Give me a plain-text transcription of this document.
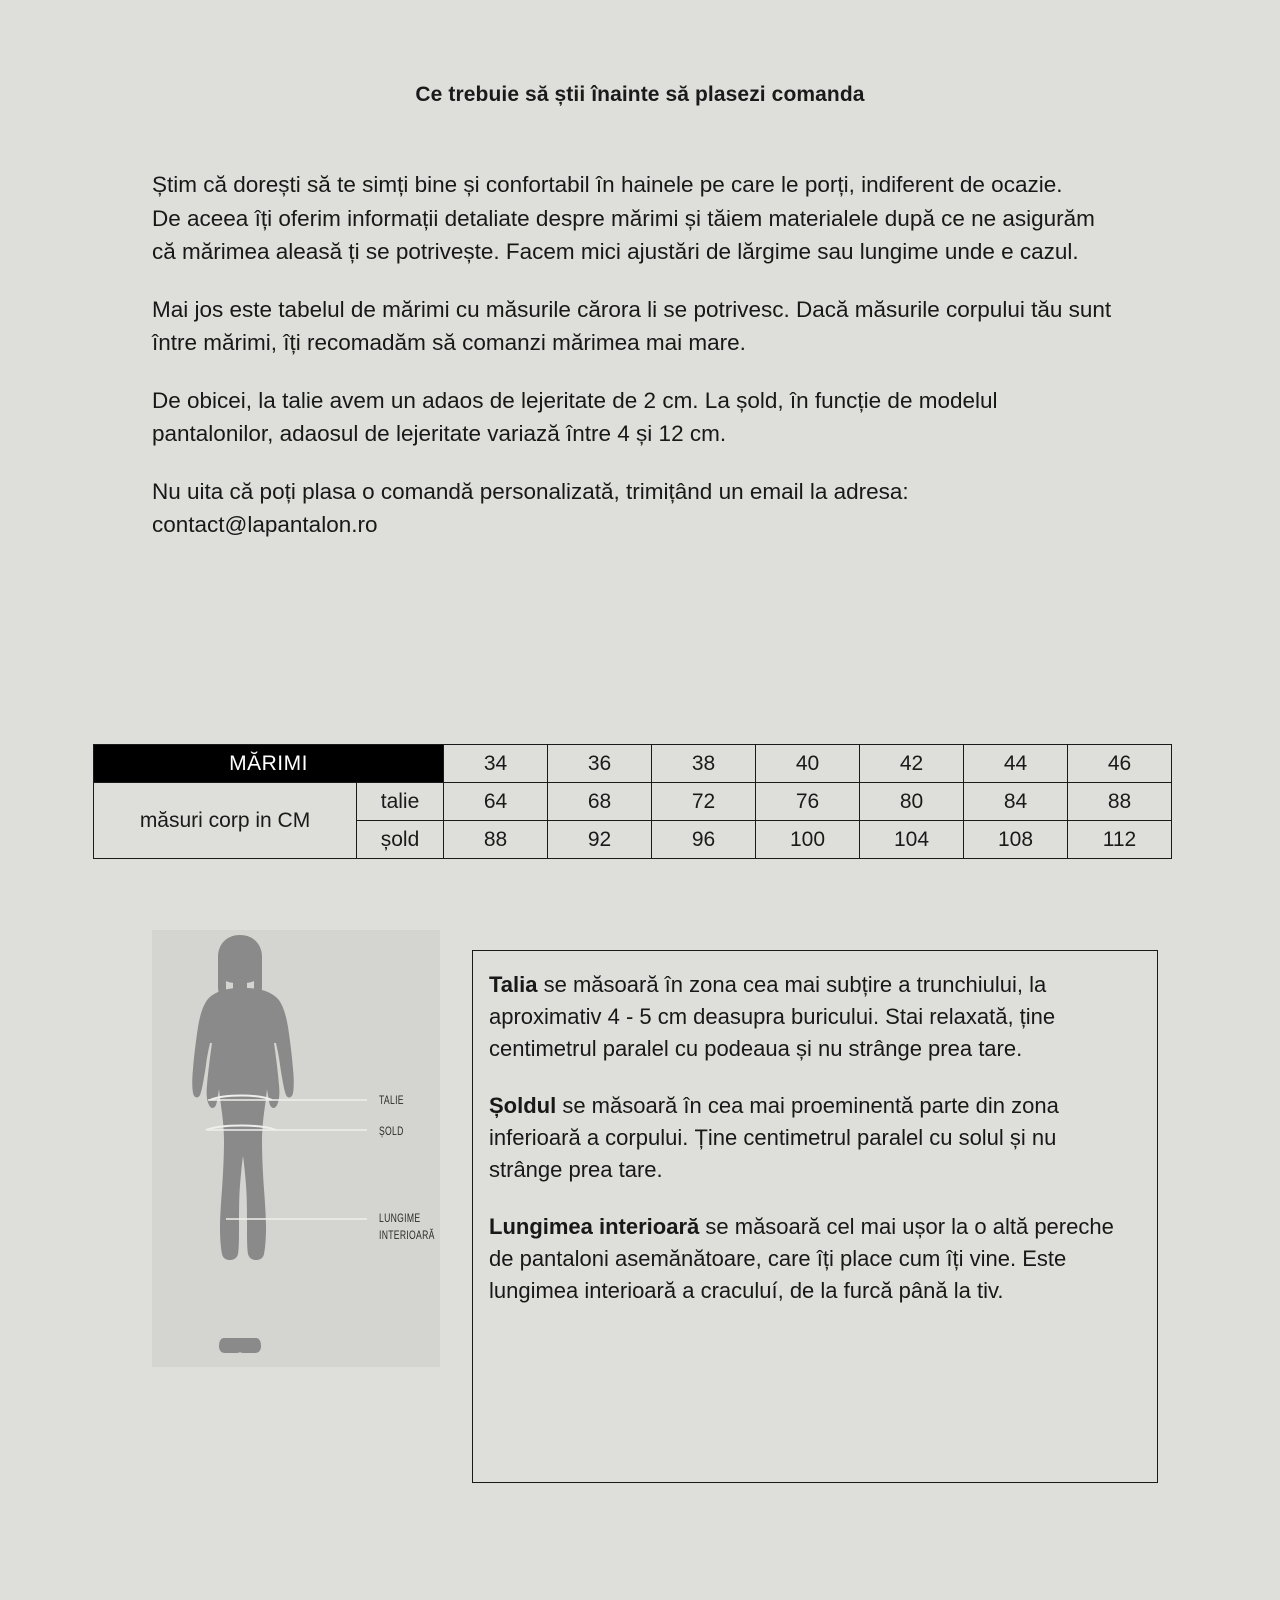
Ce trebuie să știi înainte să plasezi comanda

Știm că dorești să te simți bine și confortabil în hainele pe care le porți, indiferent de ocazie.

De aceea îți oferim informații detaliate despre mărimi și tăiem materialele după ce ne asigurăm că mărimea aleasă ți se potrivește. Facem mici ajustări de lărgime sau lungime unde e cazul.

Mai jos este tabelul de mărimi cu măsurile cărora li se potrivesc. Dacă măsurile corpului tău sunt între mărimi, îți recomadăm să comanzi mărimea mai mare.

De obicei, la talie avem un adaos de lejeritate de 2 cm. La șold, în funcție de modelul pantalonilor, adaosul de lejeritate variază între 4 și 12 cm.

Nu uita că poți plasa o comandă personalizată, trimițând un email la adresa: contact@lapantalon.ro

MĂRIMI		34	36	38	40	42	44	46
măsuri corp in CM	talie	64	68	72	76	80	84	88
	șold	88	92	96	100	104	108	112
TALIE
ȘOLD
LUNGIME
INTERIOARĂ

Talia se măsoară în zona cea mai subțire a trunchiului, la aproximativ 4 - 5 cm deasupra buricului. Stai relaxată, ține centimetrul paralel cu podeaua și nu strânge prea tare.

Șoldul se măsoară în cea mai proeminentă parte din zona inferioară a corpului. Ține centimetrul paralel cu solul și nu strânge prea tare.

Lungimea interioară se măsoară cel mai ușor la o altă pereche de pantaloni asemănătoare, care îți place cum îți vine. Este lungimea interioară a craculuí, de la furcă până la tiv.
